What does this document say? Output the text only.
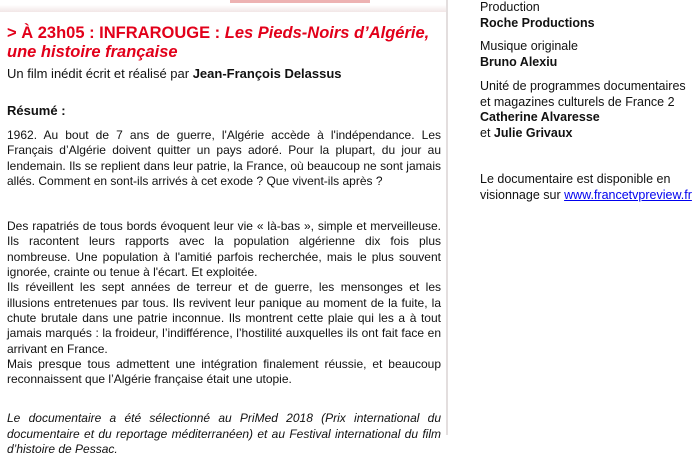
> À 23h05 : INFRAROUGE : Les Pieds-Noirs d’Algérie, une histoire française

Un film inédit écrit et réalisé par Jean-François Delassus

Résumé :

1962. Au bout de 7 ans de guerre, l'Algérie accède à l'indépendance. Les Français d’Algérie doivent quitter un pays adoré. Pour la plupart, du jour au lendemain. Ils se replient dans leur patrie, la France, où beaucoup ne sont jamais allés. Comment en sont-ils arrivés à cet exode ? Que vivent-ils après ?

Des rapatriés de tous bords évoquent leur vie « là-bas », simple et merveilleuse. Ils racontent leurs rapports avec la population algérienne dix fois plus nombreuse. Une population à l'amitié parfois recherchée, mais le plus souvent ignorée, crainte ou tenue à l'écart. Et exploitée.

Ils réveillent les sept années de terreur et de guerre, les mensonges et les illusions entretenues par tous. Ils revivent leur panique au moment de la fuite, la chute brutale dans une patrie inconnue. Ils montrent cette plaie qui les a à tout jamais marqués : la froideur, l’indifférence, l’hostilité auxquelles ils ont fait face en arrivant en France.

Mais presque tous admettent une intégration finalement réussie, et beaucoup reconnaissent que l’Algérie française était une utopie.

Le documentaire a été sélectionné au PriMed 2018 (Prix international du documentaire et du reportage méditerranéen) et au Festival international du film d’histoire de Pessac.

Production

Roche Productions

Musique originale

Bruno Alexiu

Unité de programmes documentaires et magazines culturels de France 2

Catherine Alvaresse

et Julie Grivaux

Le documentaire est disponible en visionnage sur www.francetvpreview.fr
